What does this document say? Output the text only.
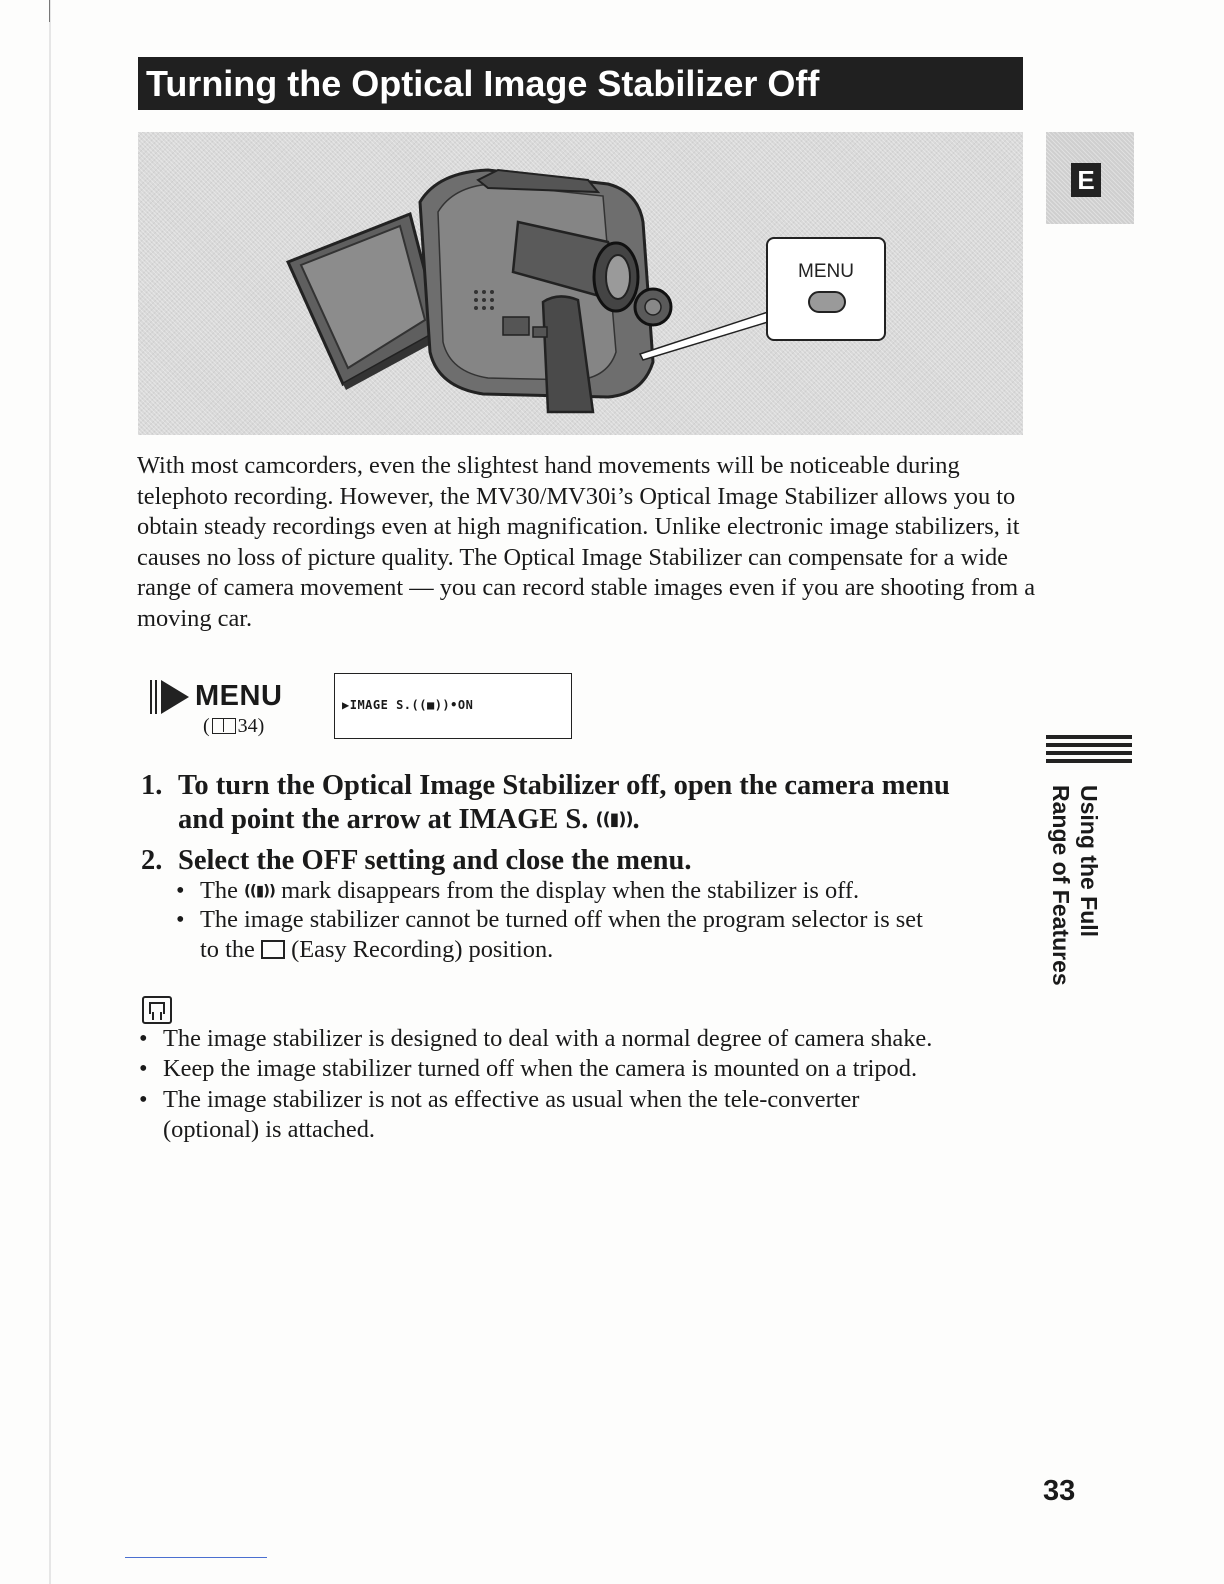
Turning the Optical Image Stabilizer Off
MENU
E

With most camcorders, even the slightest hand movements will be noticeable during telephoto recording. However, the MV30/MV30i’s Optical Image Stabilizer allows you to obtain steady recordings even at high magnification. Unlike electronic image stabilizers, it causes no loss of picture quality. The Optical Image Stabilizer can compensate for a wide range of camera movement — you can record stable images even if you are shooting from a moving car.

MENU
( 34)
▶IMAGE S.((■))•ON
1. To turn the Optical Image Stabilizer off, open the camera menu
and point the arrow at IMAGE S. ((▮)).
2. Select the OFF setting and close the menu.
• The ((▮)) mark disappears from the display when the stabilizer is off.
• The image stabilizer cannot be turned off when the program selector is set
to the (Easy Recording) position.
• The image stabilizer is designed to deal with a normal degree of camera shake.
• Keep the image stabilizer turned off when the camera is mounted on a tripod.
• The image stabilizer is not as effective as usual when the tele-converter (optional) is attached.
Using the Full
Range of Features
33
